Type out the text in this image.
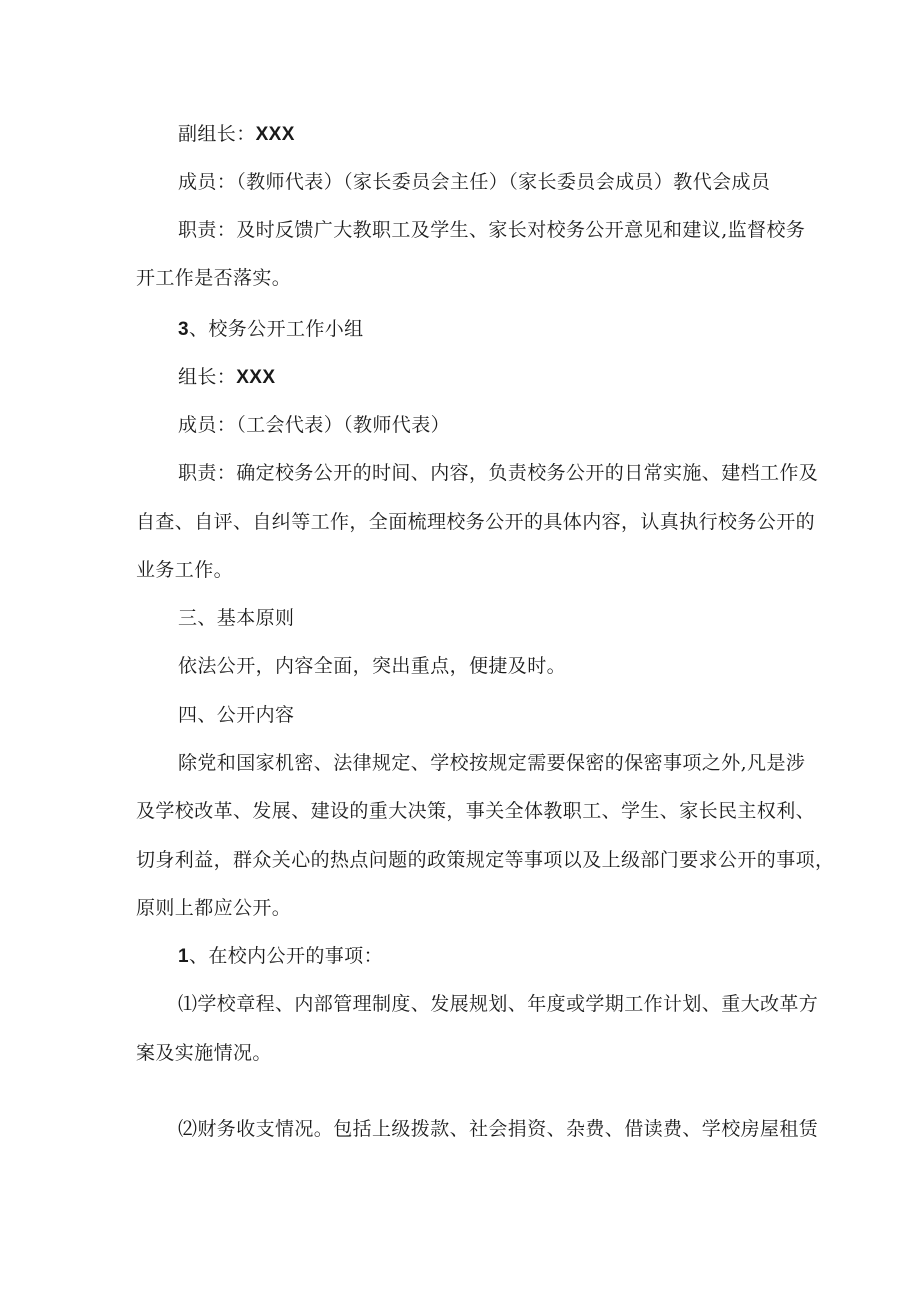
副组长：XXX
成员：（教师代表）（家长委员会主任）（家长委员会成员）教代会成员
职责：及时反馈广大教职工及学生、家长对校务公开意见和建议,监督校务
开工作是否落实。
3、校务公开工作小组
组长：XXX
成员：（工会代表）（教师代表）
职责：确定校务公开的时间、内容，负责校务公开的日常实施、建档工作及
自查、自评、自纠等工作，全面梳理校务公开的具体内容，认真执行校务公开的
业务工作。
三、基本原则
依法公开，内容全面，突出重点，便捷及时。
四、公开内容
除党和国家机密、法律规定、学校按规定需要保密的保密事项之外,凡是涉
及学校改革、发展、建设的重大决策，事关全体教职工、学生、家长民主权利、
切身利益，群众关心的热点问题的政策规定等事项以及上级部门要求公开的事项，
原则上都应公开。
1、在校内公开的事项：
⑴学校章程、内部管理制度、发展规划、年度或学期工作计划、重大改革方
案及实施情况。
⑵财务收支情况。包括上级拨款、社会捐资、杂费、借读费、学校房屋租赁
